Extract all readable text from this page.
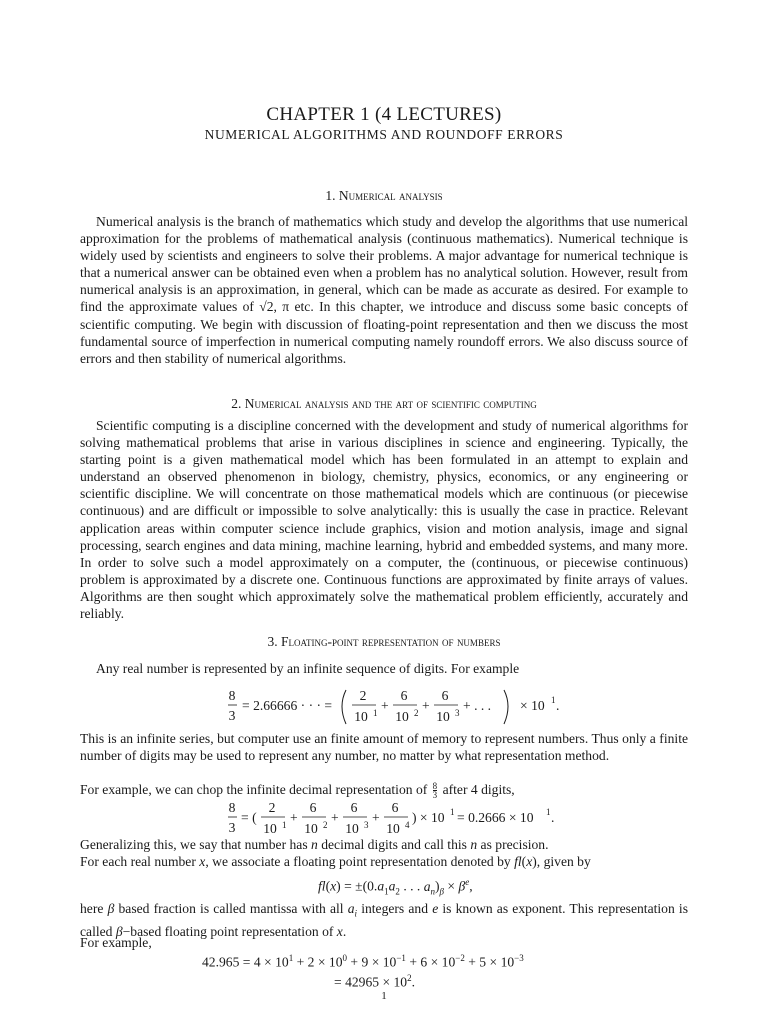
CHAPTER 1 (4 LECTURES)
NUMERICAL ALGORITHMS AND ROUNDOFF ERRORS
1. Numerical analysis

Numerical analysis is the branch of mathematics which study and develop the algorithms that use numerical approximation for the problems of mathematical analysis (continuous mathematics). Numerical technique is widely used by scientists and engineers to solve their problems. A major advantage for numerical technique is that a numerical answer can be obtained even when a problem has no analytical solution. However, result from numerical analysis is an approximation, in general, which can be made as accurate as desired. For example to find the approximate values of √2, π etc. In this chapter, we introduce and discuss some basic concepts of scientific computing. We begin with discussion of floating-point representation and then we discuss the most fundamental source of imperfection in numerical computing namely roundoff errors. We also discuss source of errors and then stability of numerical algorithms.

2. Numerical analysis and the art of scientific computing

Scientific computing is a discipline concerned with the development and study of numerical algorithms for solving mathematical problems that arise in various disciplines in science and engineering. Typically, the starting point is a given mathematical model which has been formulated in an attempt to explain and understand an observed phenomenon in biology, chemistry, physics, economics, or any engineering or scientific discipline. We will concentrate on those mathematical models which are continuous (or piecewise continuous) and are difficult or impossible to solve analytically: this is usually the case in practice. Relevant application areas within computer science include graphics, vision and motion analysis, image and signal processing, search engines and data mining, machine learning, hybrid and embedded systems, and many more. In order to solve such a model approximately on a computer, the (continuous, or piecewise continuous) problem is approximated by a discrete one. Continuous functions are approximated by finite arrays of values. Algorithms are then sought which approximately solve the mathematical problem efficiently, accurately and reliably.

3. Floating-point representation of numbers

Any real number is represented by an infinite sequence of digits. For example

8
3
= 2.66666 · · · =
2
10 1 +
6
10 2 +
6
10 3 + . . . × 10 1 .

This is an infinite series, but computer use an finite amount of memory to represent numbers. Thus only a finite number of digits may be used to represent any number, no matter by what representation method.

For example, we can chop the infinite decimal representation of $\frac{8}{3}$ after 4 digits,
8
3
= (
2
10 1 +
6
10 2 +
6
10 3 +
6
10 4 ) × 10 1 = 0.2666 × 10 1 .

Generalizing this, we say that number has n decimal digits and call this n as precision.

For each real number x, we associate a floating point representation denoted by fl(x), given by

$fl(x) = \pm(0.a_1a_2$ . . . $a_n)_\beta \times \beta^e$,

here β based fraction is called mantissa with all $a_i$ integers and e is known as exponent. This representation is called β−based floating point representation of x.

For example,

$42.965 = 4 \times 10^1 + 2 \times 10^0 + 9 \times 10^{-1} + 6 \times 10^{-2} + 5 \times 10^{-3}$
= $42965 \times 10^2$.
1
